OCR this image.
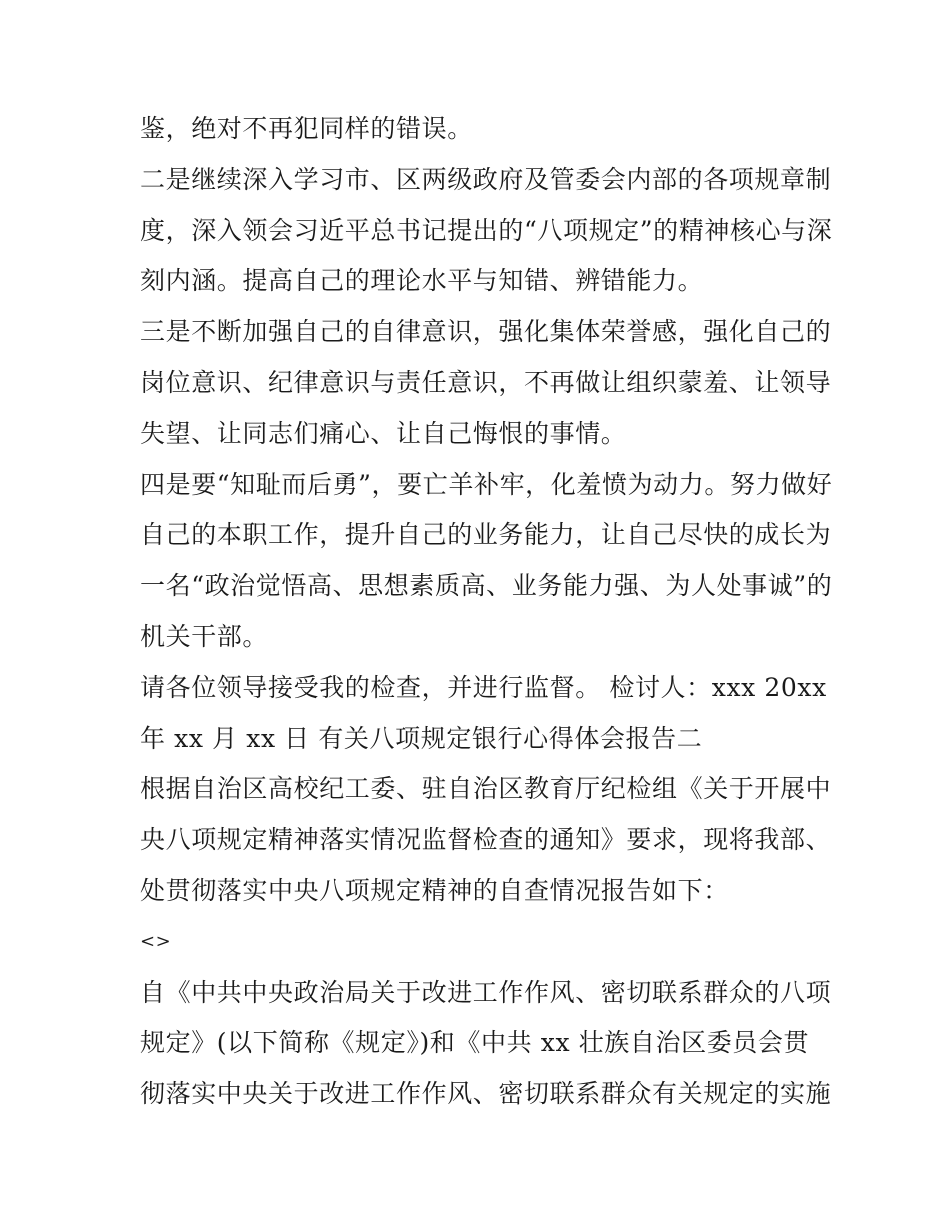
鉴，绝对不再犯同样的错误。
二是继续深入学习市、区两级政府及管委会内部的各项规章制
度，深入领会习近平总书记提出的“八项规定”的精神核心与深
刻内涵。提高自己的理论水平与知错、辨错能力。
三是不断加强自己的自律意识，强化集体荣誉感，强化自己的
岗位意识、纪律意识与责任意识，不再做让组织蒙羞、让领导
失望、让同志们痛心、让自己悔恨的事情。
四是要“知耻而后勇”，要亡羊补牢，化羞愤为动力。努力做好
自己的本职工作，提升自己的业务能力，让自己尽快的成长为
一名“政治觉悟高、思想素质高、业务能力强、为人处事诚”的
机关干部。
请各位领导接受我的检查，并进行监督。 检讨人：xxx 20xx
年 xx 月 xx 日 有关八项规定银行心得体会报告二
根据自治区高校纪工委、驻自治区教育厅纪检组《关于开展中
央八项规定精神落实情况监督检查的通知》要求，现将我部、
处贯彻落实中央八项规定精神的自查情况报告如下：
<>
自《中共中央政治局关于改进工作作风、密切联系群众的八项
规定》(以下简称《规定》)和《中共 xx 壮族自治区委员会贯
彻落实中央关于改进工作作风、密切联系群众有关规定的实施
